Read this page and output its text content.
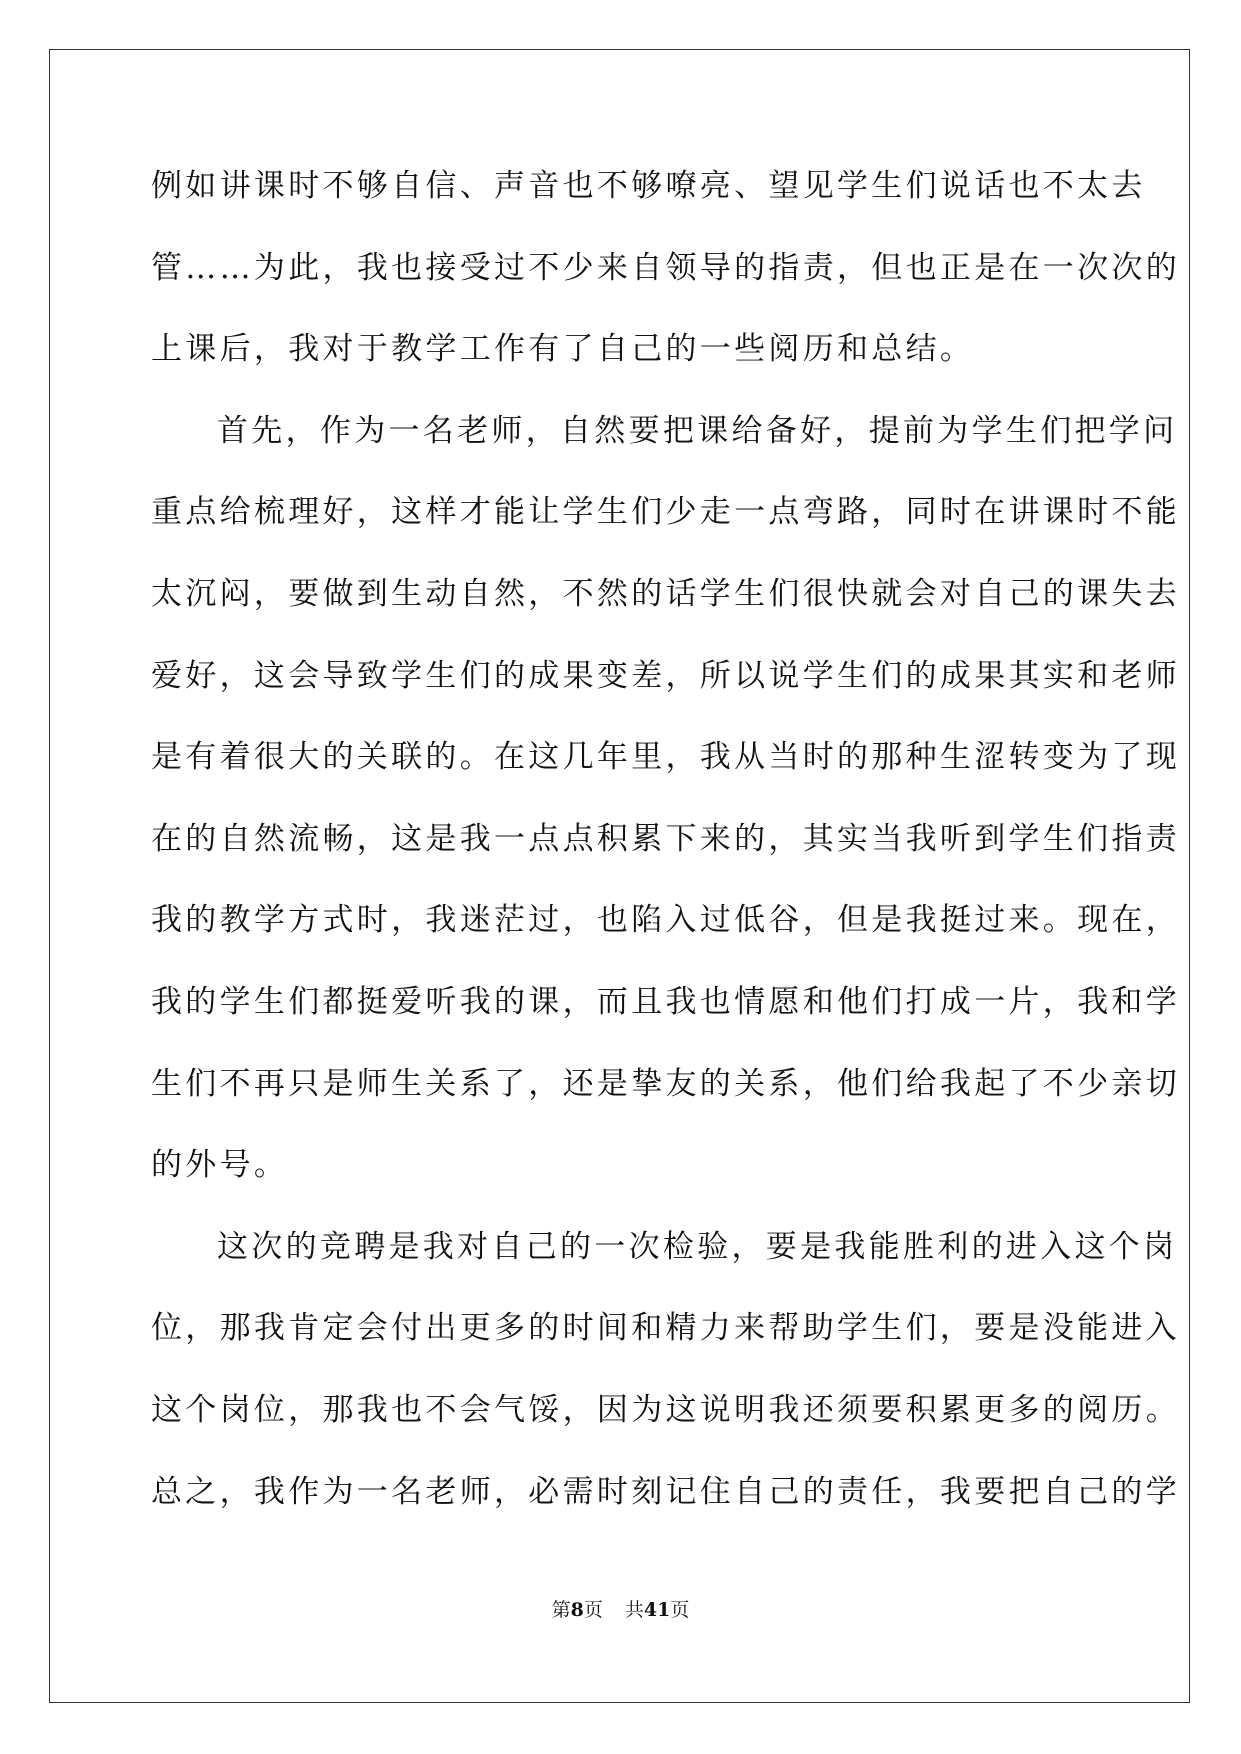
例如讲课时不够自信、声音也不够嘹亮、望见学生们说话也不太去
管……为此，我也接受过不少来自领导的指责，但也正是在一次次的
上课后，我对于教学工作有了自己的一些阅历和总结。
首先，作为一名老师，自然要把课给备好，提前为学生们把学问
重点给梳理好，这样才能让学生们少走一点弯路，同时在讲课时不能
太沉闷，要做到生动自然，不然的话学生们很快就会对自己的课失去
爱好，这会导致学生们的成果变差，所以说学生们的成果其实和老师
是有着很大的关联的。在这几年里，我从当时的那种生涩转变为了现
在的自然流畅，这是我一点点积累下来的，其实当我听到学生们指责
我的教学方式时，我迷茫过，也陷入过低谷，但是我挺过来。现在，
我的学生们都挺爱听我的课，而且我也情愿和他们打成一片，我和学
生们不再只是师生关系了，还是挚友的关系，他们给我起了不少亲切
的外号。
这次的竞聘是我对自己的一次检验，要是我能胜利的进入这个岗
位，那我肯定会付出更多的时间和精力来帮助学生们，要是没能进入
这个岗位，那我也不会气馁，因为这说明我还须要积累更多的阅历。
总之，我作为一名老师，必需时刻记住自己的责任，我要把自己的学
第8页 共41页
